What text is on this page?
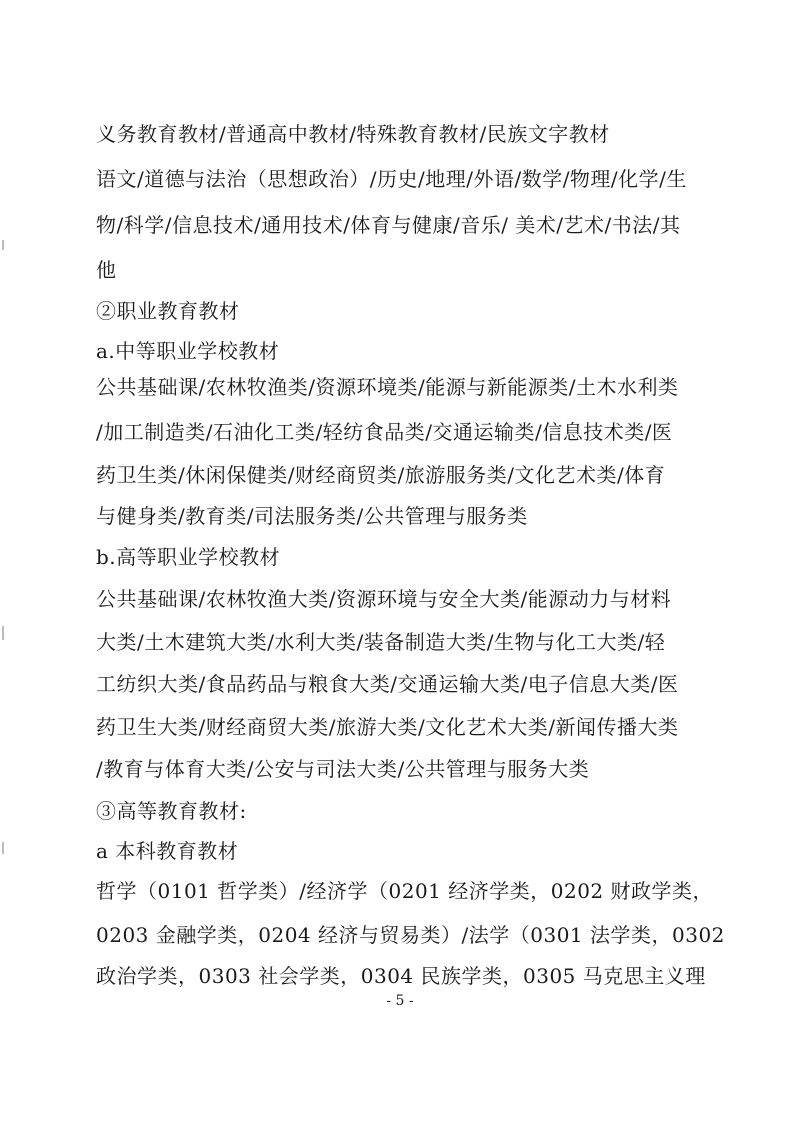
义务教育教材/普通高中教材/特殊教育教材/民族文字教材
语文/道德与法治（思想政治）/历史/地理/外语/数学/物理/化学/生
物/科学/信息技术/通用技术/体育与健康/音乐/ 美术/艺术/书法/其
他
②职业教育教材
a.中等职业学校教材
公共基础课/农林牧渔类/资源环境类/能源与新能源类/土木水利类
/加工制造类/石油化工类/轻纺食品类/交通运输类/信息技术类/医
药卫生类/休闲保健类/财经商贸类/旅游服务类/文化艺术类/体育
与健身类/教育类/司法服务类/公共管理与服务类
b.高等职业学校教材
公共基础课/农林牧渔大类/资源环境与安全大类/能源动力与材料
大类/土木建筑大类/水利大类/装备制造大类/生物与化工大类/轻
工纺织大类/食品药品与粮食大类/交通运输大类/电子信息大类/医
药卫生大类/财经商贸大类/旅游大类/文化艺术大类/新闻传播大类
/教育与体育大类/公安与司法大类/公共管理与服务大类
③高等教育教材:
a 本科教育教材
哲学（0101 哲学类）/经济学（0201 经济学类，0202 财政学类，
0203 金融学类，0204 经济与贸易类）/法学（0301 法学类，0302
政治学类，0303 社会学类，0304 民族学类，0305 马克思主义理
- 5 -
